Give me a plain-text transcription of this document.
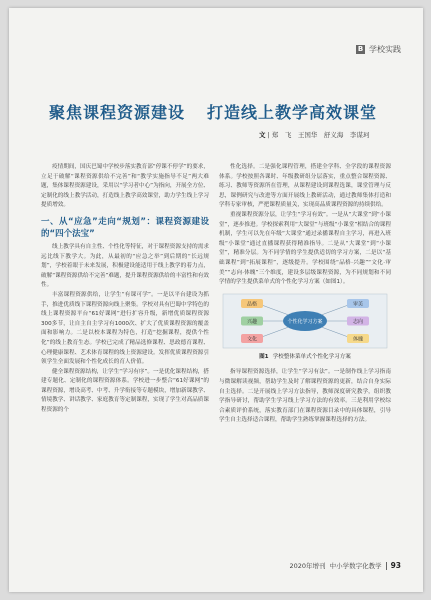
B 学校实践
聚焦课程资源建设 打造线上教学高效课堂
文 | 郑　飞　王国华　舒义海　李谋珂

疫情期间，国庆巴蜀中学校步落实教育部“停课不停学”的要求，立足于破解“课程资源供给不完善”和“教学实施指导不足”两大难题，集体课程资源建设，采用以“学习者中心”为指向，开展全方位、定制化的线上教学活动，打造线上教学高效课堂，助力学生线上学习提质增效。

一、从“应急”走向“规划”：课程资源建设的“四个法宝”

线上教学具有自主性、个性化等特征，对于课程资源支持的需求远比线下教学大。为此，从最初的“应急之举”到后期的“长远规划”，学校着眼于未来发展，积极建设能适用于线上教学的着力点，破解“课程资源供给不完善”难题，提升课程资源供给的丰富性和有效性。

丰富课程资源供给，让学生“有课可学”。一是以平台建设为抓手，推进优质线下课程资源向线上聚集。学校对具有巴蜀中学特色的线上课程资源平台“61好课网”进行扩容升级，新增优质课程资源300多节，让自主自主学习有1000次、扩大了优质课程资源的覆盖面和影响力。二是以校本课程为特色，打造“挖掘课程，提供个性化”的线上教育生态。学校已完成了精品选修课程、思政德育课程、心理健康课程、艺术体育课程的线上资源建设。发挥优质课程资源引领学生全面发展和个性化成长的育人价值。

健全课程资源结构，让学生“学习有序”。一是优化课程结构，搭建专题化、定制化的课程资源体系。学校进一步整合“61好课网”的课程资源，增设高考、中考、升学衔接等专题模块，增加新课教学、情境教学、讲话教学、家庭教育等定制课程，实现了学生对高品质课程资源的个

性化选择。二是强化课程管理，搭建全学科、全学段的课程资源体系。学校按照各课时、年级教研组分层落实，重点整合课程资源、练习、教师等资源所在管理，从课程建设到课程选课，课堂管理与反思，课例研究与改进等方面开展线上教研活动，通过教师集体打造和学科专家审核，严把课程质量关，实现高品质课程资源的持续供给。

重视课程资源分层，让学生“学习有效”。一是从“大课堂”到“小课堂”，逐步推进。学校探索利用“大课堂”与班级“小课堂”相结合的课程机制，学生可以先在年级“大课堂”通过录播课程自主学习，再进入班级“小课堂”通过直播课程获得精准指导。二是从“大课堂”到“小课堂”，精准分层。为不同学情的学生提供适切的学习方案，二是以“基础课程”到“拓展课程”，逐级提升。学校围绕“品格·兴趣”“文化·审美”“志向·体魄”三个维度，建设多层级课程资源，为不同规划和不同学情的学生提供菜单式的个性化学习方案（如图1）。

个性化学习方案
品格
兴趣
文化
审美
志向
体魄
图1 学校整体菜单式个性化学习方案

指导课程资源选择，让学生“学习有法”。一是制作线上学习指南与微课解读视频，帮助学生及时了解课程资源的更新，结合自身实际自主选择。二是开展线上学习方法指导，教师深度研究教学，组织教学指导研讨，帮助学生学习线上学习方法的有效率。三是利用学校综合素质评价系统，落实教育部门在课程资源目录中的具体课程，引导学生自主选择适合课程，帮助学生熟练掌握课程选择的方法。

2020年增刊 中小学数字化教学 93
